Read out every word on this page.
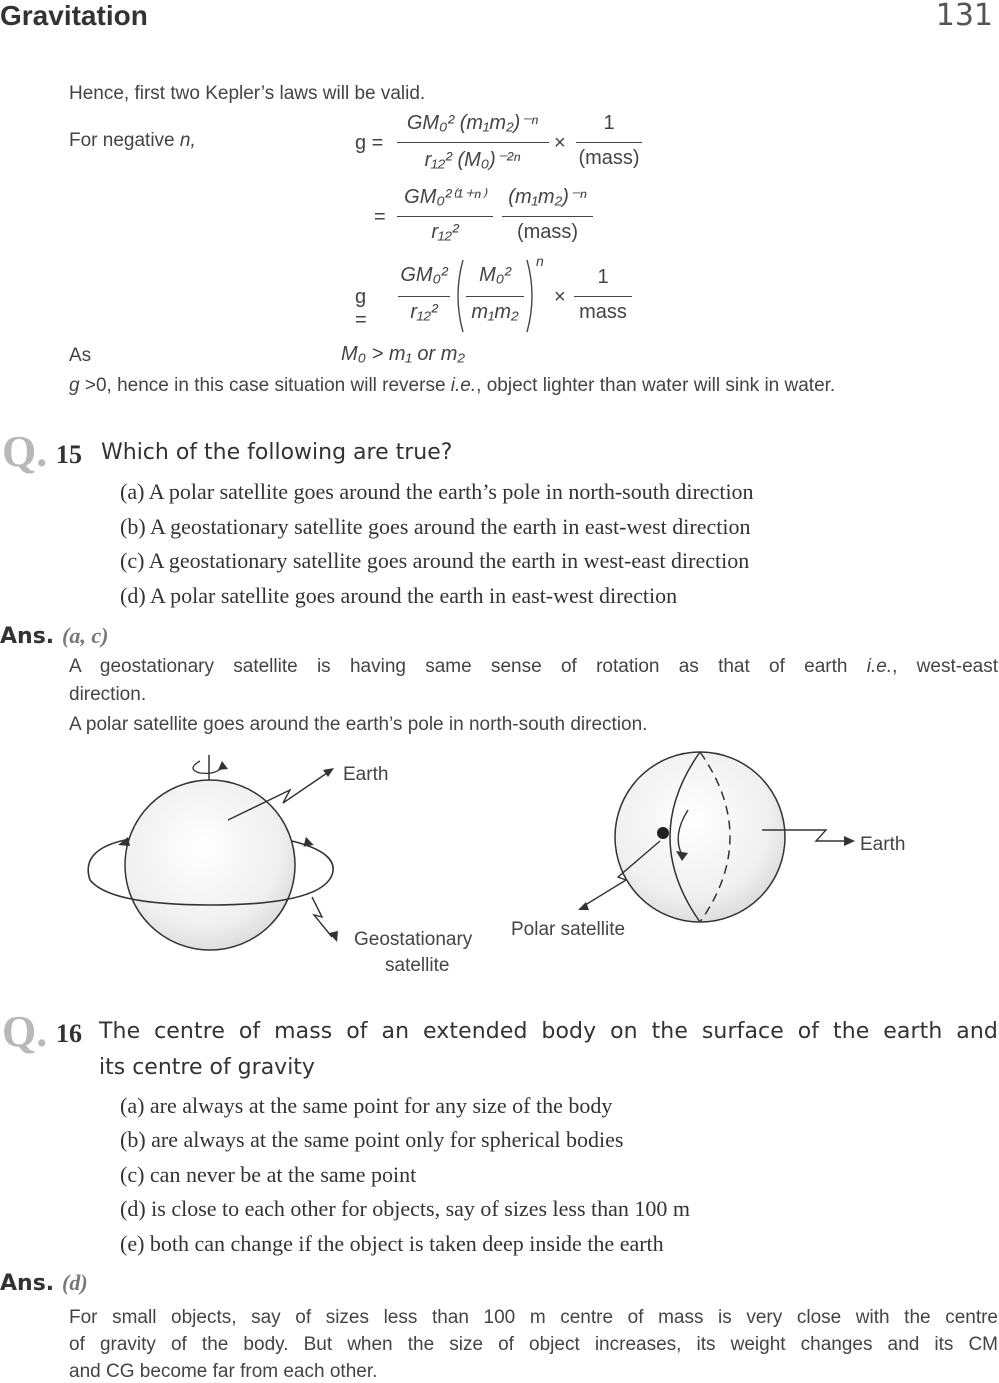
Gravitation	131
Hence, first two Kepler’s laws will be valid.
For negative n,	g =
GM₀² (m₁m₂)⁻ⁿ
r₁₂² (M₀)⁻²ⁿ
×
1
(mass)
=
GM₀²⁽¹⁺ⁿ⁾
r₁₂²
(m₁m₂)⁻ⁿ
(mass)
g =
GM₀²
r₁₂²
M₀²
m₁m₂
n
×
1
mass
As	M₀ > m₁ or m₂
g >0, hence in this case situation will reverse i.e., object lighter than water will sink in water.
Q. 15 Which of the following are true?
(a) A polar satellite goes around the earth’s pole in north-south direction
(b) A geostationary satellite goes around the earth in east-west direction
(c) A geostationary satellite goes around the earth in west-east direction
(d) A polar satellite goes around the earth in east-west direction
Ans. (a, c)
A geostationary satellite is having same sense of rotation as that of earth i.e., west-east
direction.
A polar satellite goes around the earth’s pole in north-south direction.
Earth
Geostationary
satellite
Earth
Polar satellite
Q. 16 The centre of mass of an extended body on the surface of the earth and
its centre of gravity
(a) are always at the same point for any size of the body
(b) are always at the same point only for spherical bodies
(c) can never be at the same point
(d) is close to each other for objects, say of sizes less than 100 m
(e) both can change if the object is taken deep inside the earth
Ans. (d)
For small objects, say of sizes less than 100 m centre of mass is very close with the centre
of gravity of the body. But when the size of object increases, its weight changes and its CM
and CG become far from each other.
